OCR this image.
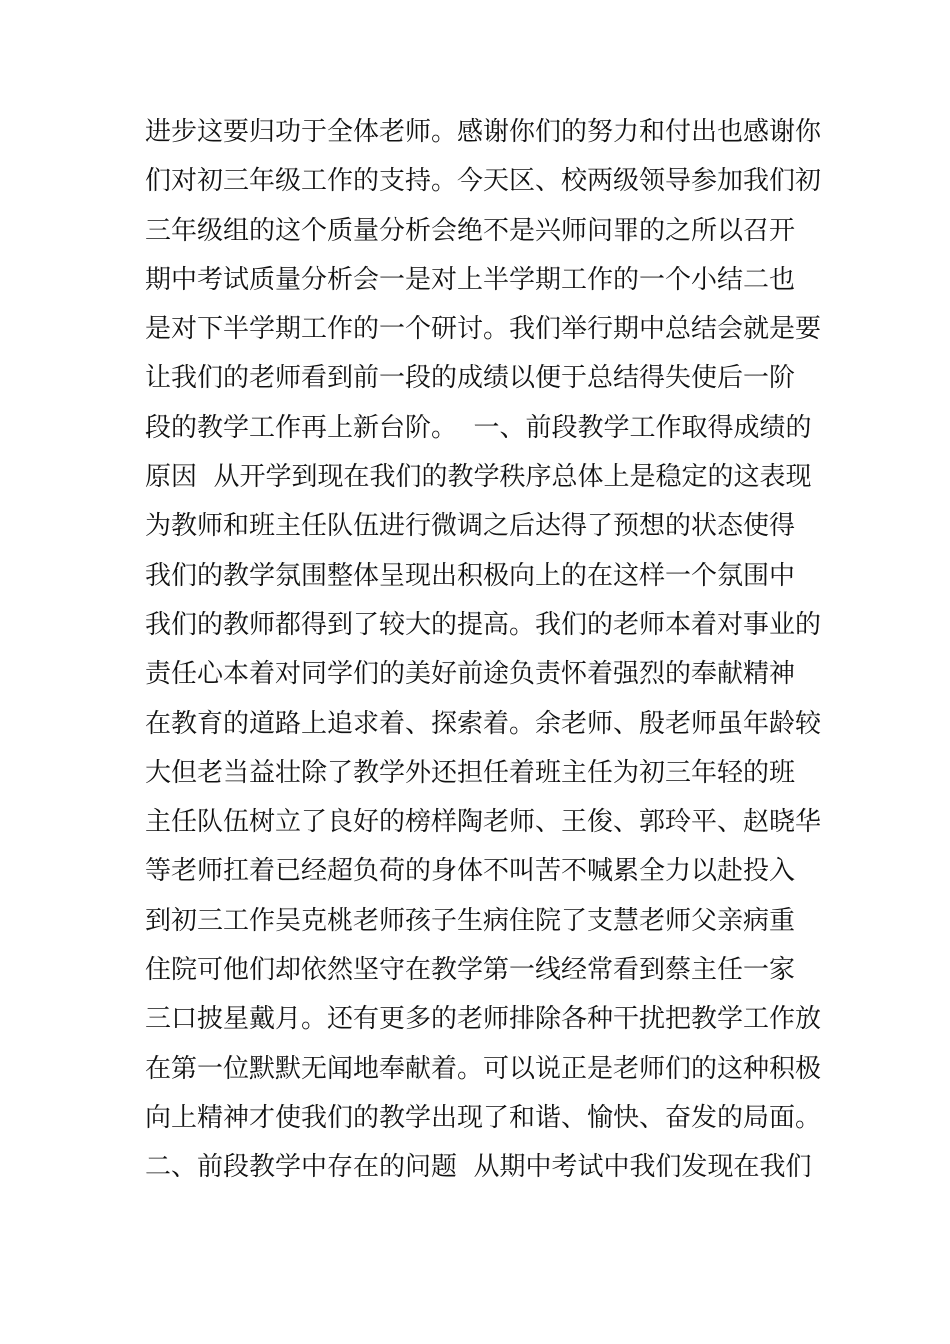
进步这要归功于全体老师。感谢你们的努力和付出也感谢你
们对初三年级工作的支持。今天区、校两级领导参加我们初
三年级组的这个质量分析会绝不是兴师问罪的之所以召开
期中考试质量分析会一是对上半学期工作的一个小结二也
是对下半学期工作的一个研讨。我们举行期中总结会就是要
让我们的老师看到前一段的成绩以便于总结得失使后一阶
段的教学工作再上新台阶。  一、前段教学工作取得成绩的
原因  从开学到现在我们的教学秩序总体上是稳定的这表现
为教师和班主任队伍进行微调之后达得了预想的状态使得
我们的教学氛围整体呈现出积极向上的在这样一个氛围中
我们的教师都得到了较大的提高。我们的老师本着对事业的
责任心本着对同学们的美好前途负责怀着强烈的奉献精神
在教育的道路上追求着、探索着。余老师、殷老师虽年龄较
大但老当益壮除了教学外还担任着班主任为初三年轻的班
主任队伍树立了良好的榜样陶老师、王俊、郭玲平、赵晓华
等老师扛着已经超负荷的身体不叫苦不喊累全力以赴投入
到初三工作吴克桃老师孩子生病住院了支慧老师父亲病重
住院可他们却依然坚守在教学第一线经常看到蔡主任一家
三口披星戴月。还有更多的老师排除各种干扰把教学工作放
在第一位默默无闻地奉献着。可以说正是老师们的这种积极
向上精神才使我们的教学出现了和谐、愉快、奋发的局面。
二、前段教学中存在的问题  从期中考试中我们发现在我们
